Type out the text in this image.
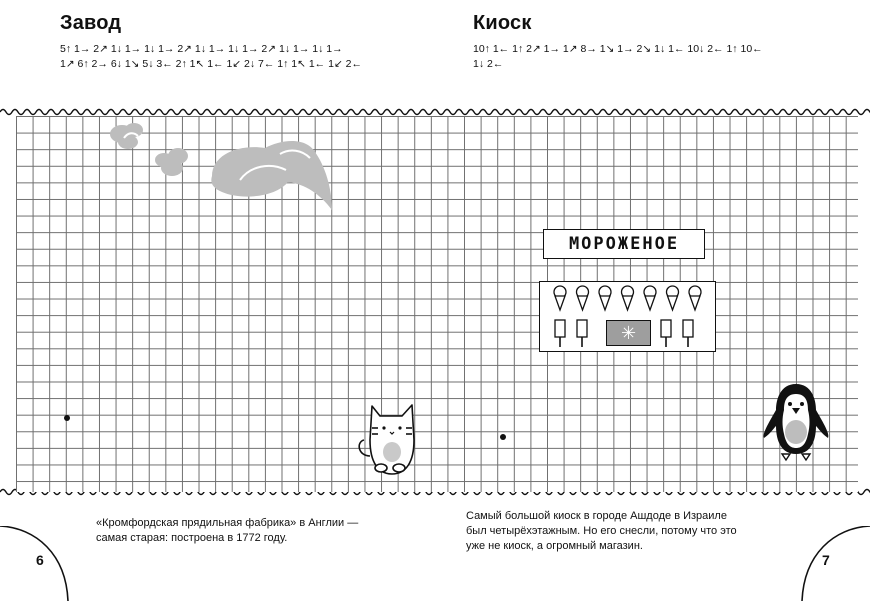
Завод
5↑ 1→ 2↗ 1↓ 1→ 1↓ 1→ 2↗ 1↓ 1→ 1↓ 1→ 2↗ 1↓ 1→ 1↓ 1→
1↗ 6↑ 2→ 6↓ 1↘ 5↓ 3← 2↑ 1↖ 1← 1↙ 2↓ 7← 1↑ 1↖ 1← 1↙ 2←
Киоск
10↑ 1← 1↑ 2↗ 1→ 1↗ 8→ 1↘ 1→ 2↘ 1↓ 1← 10↓ 2← 1↑ 10←
1↓ 2←
МОРОЖЕНОЕ
✳
«Кромфордская прядильная фабрика» в Англии —
самая старая: построена в 1772 году.
Самый большой киоск в городе Ашдоде в Израиле
был четырёхэтажным. Но его снесли, потому что это
уже не киоск, а огромный магазин.
6	7
